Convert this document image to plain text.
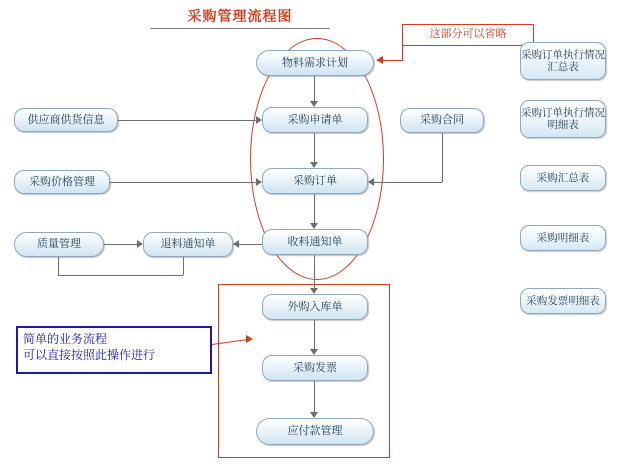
采购管理流程图
物料需求计划
采购申请单
采购订单
收料通知单
外购入库单
采购发票
应付款管理
供应商供货信息
采购价格管理
质量管理	退料通知单
采购合同
这部分可以省略
简单的业务流程
可以直接按照此操作进行
采购订单执行情况汇总表
采购订单执行情况明细表
采购汇总表
采购明细表
采购发票明细表
